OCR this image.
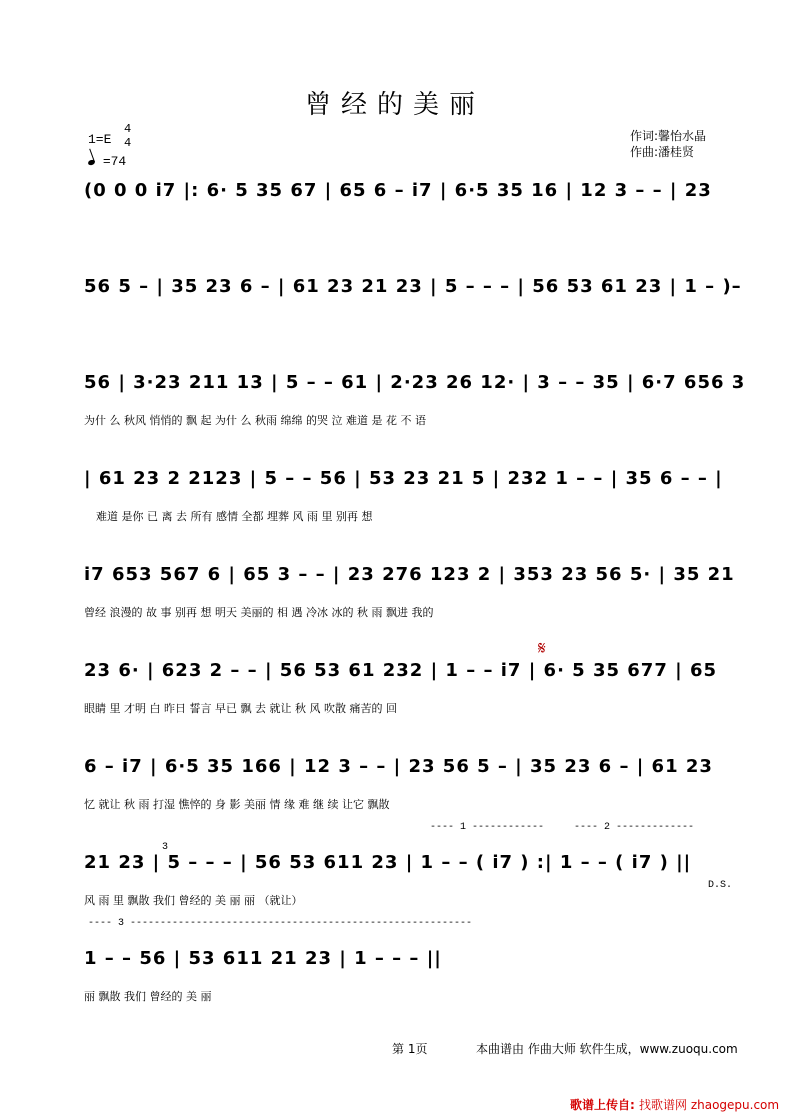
曾经的美丽
1=E
4
4
=74
作词:馨怡水晶
作曲:潘桂贤
(0 0 0 i7 |: 6· 5 35 67 | 65 6 – i7 | 6·5 35 16 | 12 3 – – | 23
56 5 – | 35 23 6 – | 61 23 21 23 | 5 – – – | 56 53 61 23 | 1 – )–
56 | 3·23 211 13 | 5 – – 61 | 2·23 26 12· | 3 – – 35 | 6·7 656 3
为什 么 秋风 悄悄的 飘 起 为什 么 秋雨 绵绵 的哭 泣 难道 是 花 不 语
| 61 23 2 2123 | 5 – – 56 | 53 23 21 5 | 232 1 – – | 35 6 – – |
难道 是你 已 离 去 所有 感情 全都 埋葬 风 雨 里 别再 想
i7 653 567 6 | 65 3 – – | 23 276 123 2 | 353 23 56 5· | 35 21
曾经 浪漫的 故 事 别再 想 明天 美丽的 相 遇 冷冰 冰的 秋 雨 飘进 我的
𝄋
23 6· | 623 2 – – | 56 53 61 232 | 1 – – i7 | 6· 5 35 677 | 65
眼睛 里 才明 白 昨日 誓言 早已 飘 去 就让 秋 风 吹散 痛苦的 回
6 – i7 | 6·5 35 166 | 12 3 – – | 23 56 5 – | 35 23 6 – | 61 23
忆 就让 秋 雨 打湿 憔悴的 身 影 美丽 情 缘 难 继 续 让它 飘散
---- 1 ------------	---- 2 -------------
3
21 23 | 5 – – – | 56 53 611 23 | 1 – – ( i7 ) :| 1 – – ( i7 ) ||
D.S.
风 雨 里 飘散 我们 曾经的 美 丽 丽 （就让）
---- 3 ---------------------------------------------------------
1 – – 56 | 53 611 21 23 | 1 – – – ||
丽 飘散 我们 曾经的 美 丽
第 1页	本曲谱由 作曲大师 软件生成，www.zuoqu.com
歌谱上传自: 找歌谱网 zhaogepu.com
